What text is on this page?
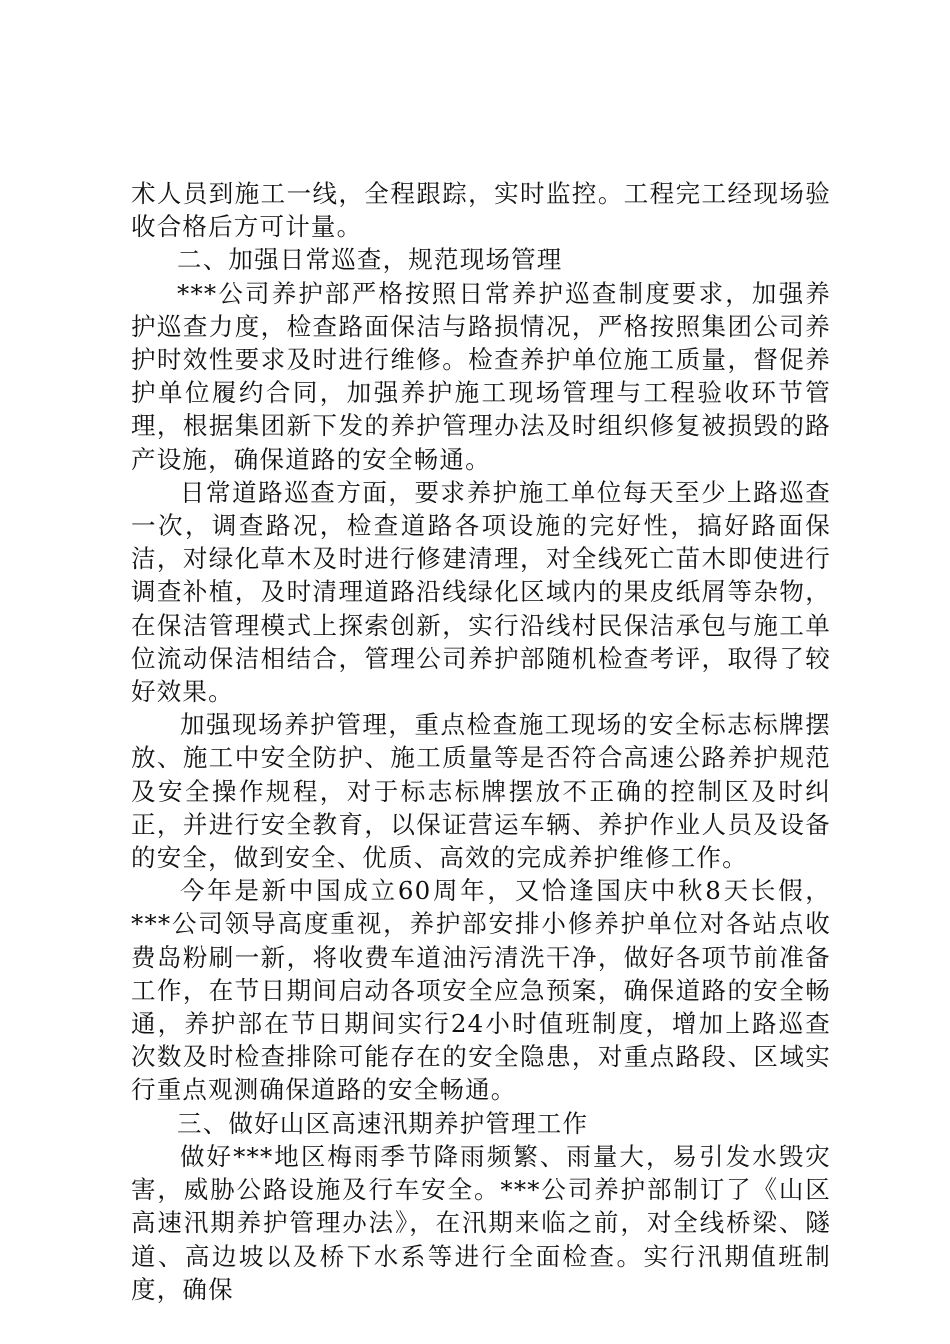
术人员到施工一线，全程跟踪，实时监控。工程完工经现场验收合格后方可计量。

二、加强日常巡查，规范现场管理

***公司养护部严格按照日常养护巡查制度要求，加强养护巡查力度，检查路面保洁与路损情况，严格按照集团公司养护时效性要求及时进行维修。检查养护单位施工质量，督促养护单位履约合同，加强养护施工现场管理与工程验收环节管理，根据集团新下发的养护管理办法及时组织修复被损毁的路产设施，确保道路的安全畅通。

日常道路巡查方面，要求养护施工单位每天至少上路巡查一次，调查路况，检查道路各项设施的完好性，搞好路面保洁，对绿化草木及时进行修建清理，对全线死亡苗木即使进行调查补植，及时清理道路沿线绿化区域内的果皮纸屑等杂物，在保洁管理模式上探索创新，实行沿线村民保洁承包与施工单位流动保洁相结合，管理公司养护部随机检查考评，取得了较好效果。

加强现场养护管理，重点检查施工现场的安全标志标牌摆放、施工中安全防护、施工质量等是否符合高速公路养护规范及安全操作规程，对于标志标牌摆放不正确的控制区及时纠正，并进行安全教育，以保证营运车辆、养护作业人员及设备的安全，做到安全、优质、高效的完成养护维修工作。

今年是新中国成立60周年，又恰逢国庆中秋8天长假，***公司领导高度重视，养护部安排小修养护单位对各站点收费岛粉刷一新，将收费车道油污清洗干净，做好各项节前准备工作，在节日期间启动各项安全应急预案，确保道路的安全畅通，养护部在节日期间实行24小时值班制度，增加上路巡查次数及时检查排除可能存在的安全隐患，对重点路段、区域实行重点观测确保道路的安全畅通。

三、做好山区高速汛期养护管理工作

做好***地区梅雨季节降雨频繁、雨量大，易引发水毁灾害，威胁公路设施及行车安全。***公司养护部制订了《山区高速汛期养护管理办法》，在汛期来临之前，对全线桥梁、隧道、高边坡以及桥下水系等进行全面检查。实行汛期值班制度，确保
